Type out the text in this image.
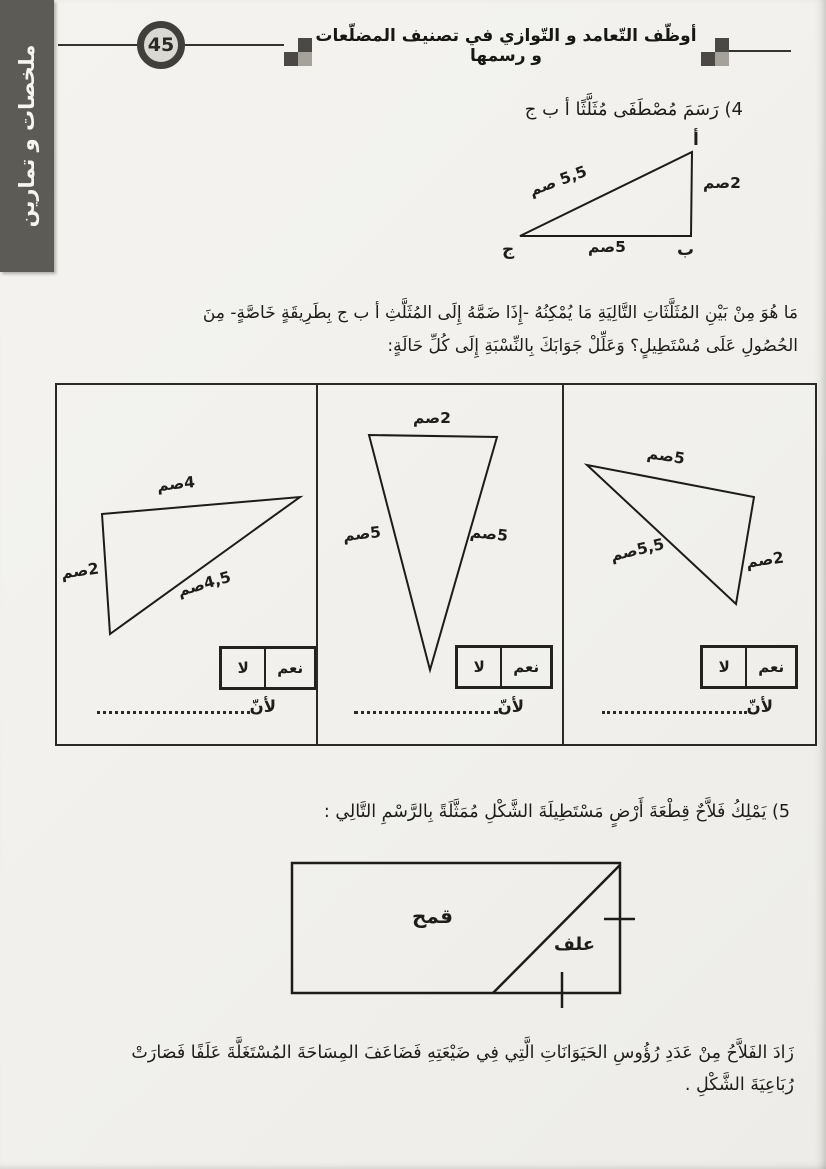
ملخصات و تمارين	45	أوظّف التّعامد و التّوازي في تصنيف المضلّعات و رسمها
4) رَسَمَ مُصْطَفَى مُثَلَّثًا أ ب ج
أ
ب
ج
2صم
5صم
5,5 صم
مَا هُوَ مِنْ بَيْنِ المُثَلَّثَاتِ التَّالِيَةِ مَا يُمْكِنُهُ -إِذَا ضَمَّهُ إِلَى المُثَلَّثِ أ ب ج بِطَرِيقَةٍ خَاصَّةٍ- مِنَ
الحُصُولِ عَلَى مُسْتَطِيلٍ؟ وَعَلِّلْ جَوَابَكَ بِالنِّسْبَةِ إِلَى كُلِّ حَالَةٍ:
4صم
2صم
4,5صم
نعم
لا
لأنّ
2صم
5صم	5صم
نعم
لا
لأنّ
5صم
5,5صم
2صم
نعم
لا
لأنّ
5) يَمْلِكُ فَلاَّحٌ قِطْعَةَ أَرْضٍ مَسْتَطِيلَةَ الشَّكْلِ مُمَثَّلَةً بِالرَّسْمِ التَّالِي :
قمح
علف
زَادَ الفَلاَّحُ مِنْ عَدَدِ رُؤُوسِ الحَيَوَانَاتِ الَّتِي فِي ضَيْعَتِهِ فَضَاعَفَ المِسَاحَةَ المُسْتَغَلَّةَ عَلَفًا فَصَارَتْ
رُبَاعِيَةَ الشَّكْلِ .
